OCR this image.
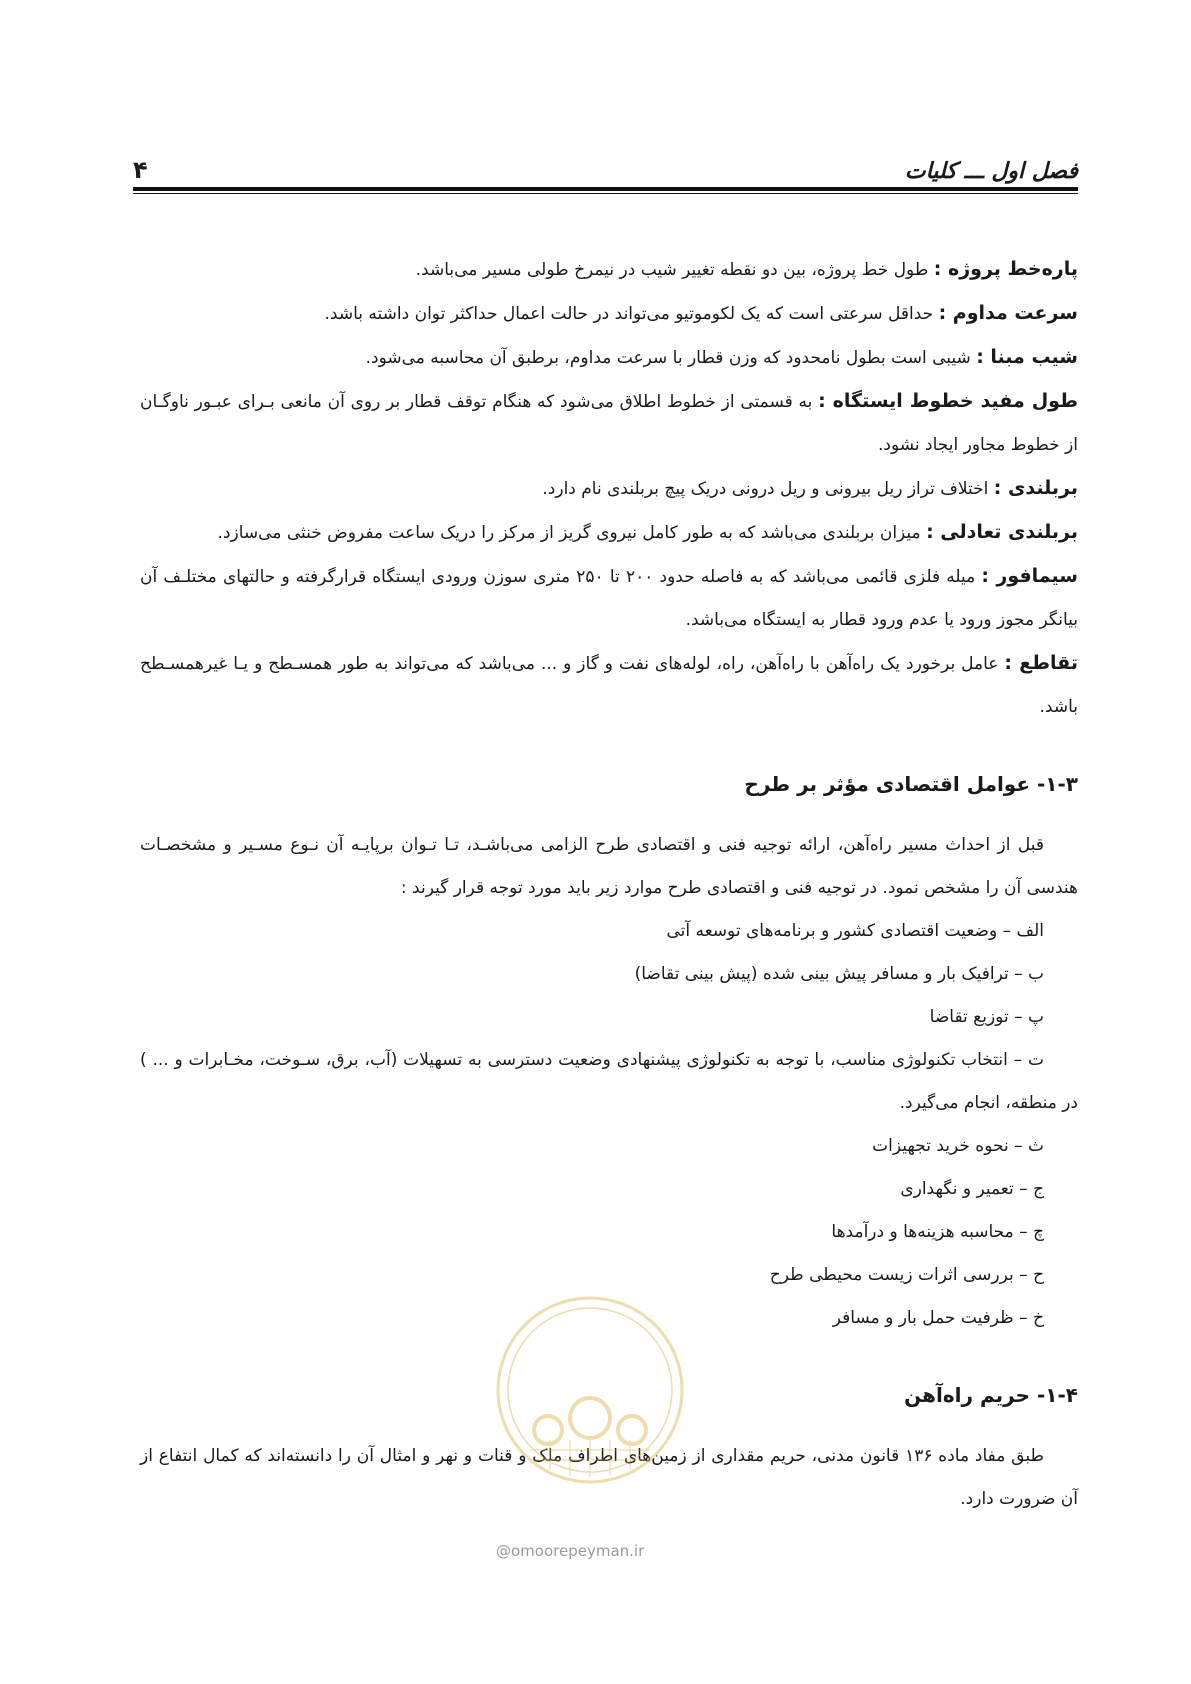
فصل اول ـــ کلیات
۴

پاره‌خط پروژه : طول خط پروژه، بین دو نقطه تغییر شیب در نیمرخ طولی مسیر می‌باشد.

سرعت مداوم : حداقل سرعتی است که یک لکوموتیو می‌تواند در حالت اعمال حداکثر توان داشته باشد.

شیب مبنا : شیبی است بطول نامحدود که وزن قطار با سرعت مداوم، برطبق آن محاسبه می‌شود.

طول مفید خطوط ایستگاه : به قسمتی از خطوط اطلاق می‌شود که هنگام توقف قطار بر روی آن مانعی بـرای عبـور ناوگـان از خطوط مجاور ایجاد نشود.

بربلندی : اختلاف تراز ریل بیرونی و ریل درونی دریک پیچ بربلندی نام دارد.

بربلندی تعادلی : میزان بربلندی می‌باشد که به طور کامل نیروی گریز از مرکز را دریک ساعت مفروض خنثی می‌سازد.

سیمافور : میله فلزی قائمی می‌باشد که به فاصله حدود ۲۰۰ تا ۲۵۰ متری سوزن ورودی ایستگاه قرارگرفته و حالتهای مختلـف آن بیانگر مجوز ورود یا عدم ورود قطار به ایستگاه می‌باشد.

تقاطع : عامل برخورد یک راه‌آهن با راه‌آهن، راه، لوله‌های نفت و گاز و ... می‌باشد که می‌تواند به طور همسـطح و یـا غیرهمسـطح باشد.

۱-۳- عوامل اقتصادی مؤثر بر طرح

قبل از احداث مسیر راه‌آهن، ارائه توجیه فنی و اقتصادی طرح الزامی می‌باشـد، تـا تـوان برپایـه آن نـوع مسـیر و مشخصـات هندسی آن را مشخص نمود. در توجیه فنی و اقتصادی طرح موارد زیر باید مورد توجه قرار گیرند :

الف – وضعیت اقتصادی کشور و برنامه‌های توسعه آتی

ب – ترافیک بار و مسافر پیش بینی شده (پیش بینی تقاضا)

پ – توزیع تقاضا

ت – انتخاب تکنولوژی مناسب، با توجه به تکنولوژی پیشنهادی وضعیت دسترسی به تسهیلات (آب، برق، سـوخت، مخـابرات و ... ) در منطقه، انجام می‌گیرد.

ث – نحوه خرید تجهیزات

ج – تعمیر و نگهداری

چ – محاسبه هزینه‌ها و درآمدها

ح – بررسی اثرات زیست محیطی طرح

خ – ظرفیت حمل بار و مسافر

۱-۴- حریم راه‌آهن

طبق مفاد ماده ۱۳۶ قانون مدنی، حریم مقداری از زمین‌های اطراف ملک و قنات و نهر و امثال آن را دانسته‌اند که کمال انتفاع از آن ضرورت دارد.

@omoorepeyman.ir
